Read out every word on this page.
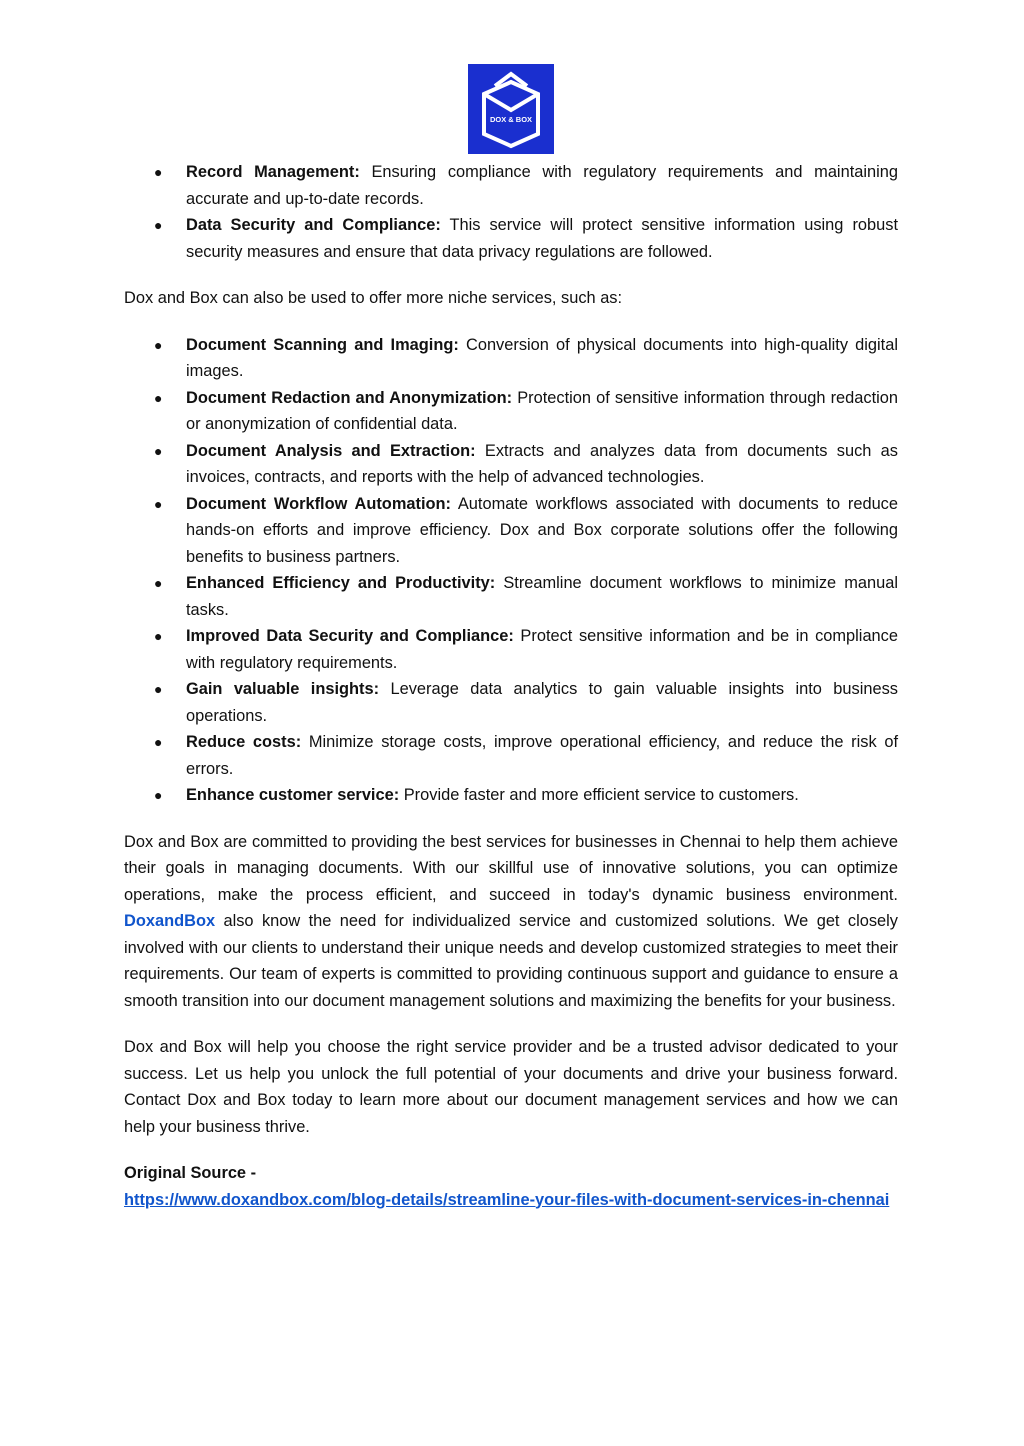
DOX & BOX
● Record Management: Ensuring compliance with regulatory requirements and maintaining accurate and up-to-date records.
● Data Security and Compliance: This service will protect sensitive information using robust security measures and ensure that data privacy regulations are followed.

Dox and Box can also be used to offer more niche services, such as:

● Document Scanning and Imaging: Conversion of physical documents into high-quality digital images.
● Document Redaction and Anonymization: Protection of sensitive information through redaction or anonymization of confidential data.
● Document Analysis and Extraction: Extracts and analyzes data from documents such as invoices, contracts, and reports with the help of advanced technologies.
● Document Workflow Automation: Automate workflows associated with documents to reduce hands-on efforts and improve efficiency. Dox and Box corporate solutions offer the following benefits to business partners.
● Enhanced Efficiency and Productivity: Streamline document workflows to minimize manual tasks.
● Improved Data Security and Compliance: Protect sensitive information and be in compliance with regulatory requirements.
● Gain valuable insights: Leverage data analytics to gain valuable insights into business operations.
● Reduce costs: Minimize storage costs, improve operational efficiency, and reduce the risk of errors.
● Enhance customer service: Provide faster and more efficient service to customers.

Dox and Box are committed to providing the best services for businesses in Chennai to help them achieve their goals in managing documents. With our skillful use of innovative solutions, you can optimize operations, make the process efficient, and succeed in today's dynamic business environment. DoxandBox also know the need for individualized service and customized solutions. We get closely involved with our clients to understand their unique needs and develop customized strategies to meet their requirements. Our team of experts is committed to providing continuous support and guidance to ensure a smooth transition into our document management solutions and maximizing the benefits for your business.

Dox and Box will help you choose the right service provider and be a trusted advisor dedicated to your success. Let us help you unlock the full potential of your documents and drive your business forward. Contact Dox and Box today to learn more about our document management services and how we can help your business thrive.

Original Source -

https://www.doxandbox.com/blog-details/streamline-your-files-with-document-services-in-chennai
